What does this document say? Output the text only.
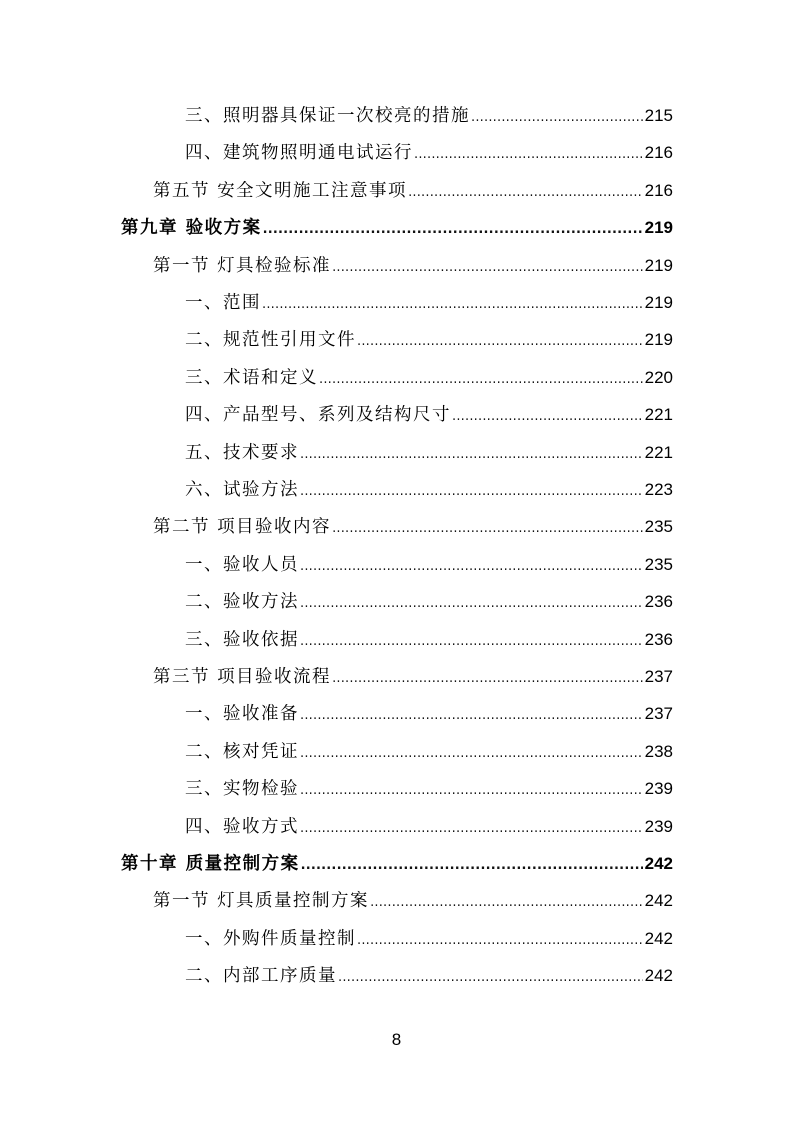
三、照明器具保证一次校亮的措施 .....	215
四、建筑物照明通电试运行 .....	216
第五节 安全文明施工注意事项 .....	216
第九章 验收方案 .....	219
第一节 灯具检验标准 .....	219
一、范围 .....	219
二、规范性引用文件 .....	219
三、术语和定义 .....	220
四、产品型号、系列及结构尺寸 .....	221
五、技术要求 .....	221
六、试验方法 .....	223
第二节 项目验收内容 .....	235
一、验收人员 .....	235
二、验收方法 .....	236
三、验收依据 .....	236
第三节 项目验收流程 .....	237
一、验收准备 .....	237
二、核对凭证 .....	238
三、实物检验 .....	239
四、验收方式 .....	239
第十章 质量控制方案 .....	242
第一节 灯具质量控制方案 .....	242
一、外购件质量控制 .....	242
二、内部工序质量 .....	242
8
